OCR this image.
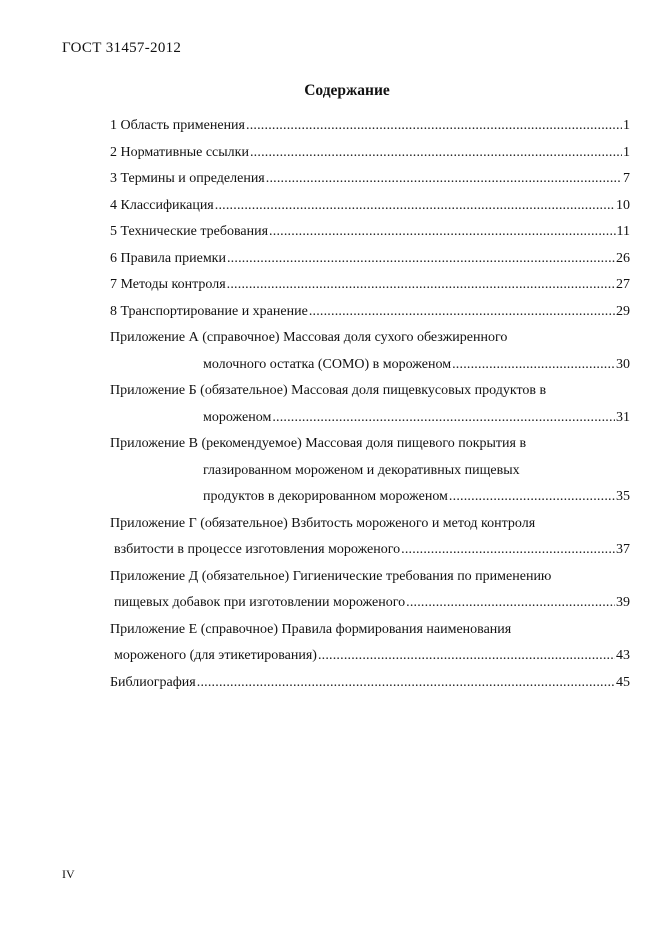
ГОСТ 31457-2012
Содержание
1 Область применения .....	1
2 Нормативные ссылки .....	1
3 Термины и определения .....	7
4 Классификация .....	10
5 Технические требования .....	11
6 Правила приемки .....	26
7 Методы контроля .....	27
8 Транспортирование и хранение .....	29
Приложение А (справочное) Массовая доля сухого обезжиренного
молочного остатка (СОМО) в мороженом .....	30
Приложение Б (обязательное) Массовая доля пищевкусовых продуктов в
мороженом .....	31
Приложение В (рекомендуемое) Массовая доля пищевого покрытия в
глазированном мороженом и декоративных пищевых
продуктов в декорированном мороженом .....	35
Приложение Г (обязательное) Взбитость мороженого и метод контроля
взбитости в процессе изготовления мороженого .....	37
Приложение Д (обязательное) Гигиенические требования по применению
пищевых добавок при изготовлении мороженого .....	39
Приложение Е (справочное) Правила формирования наименования
мороженого (для этикетирования) .....	43
Библиография .....	45
IV
